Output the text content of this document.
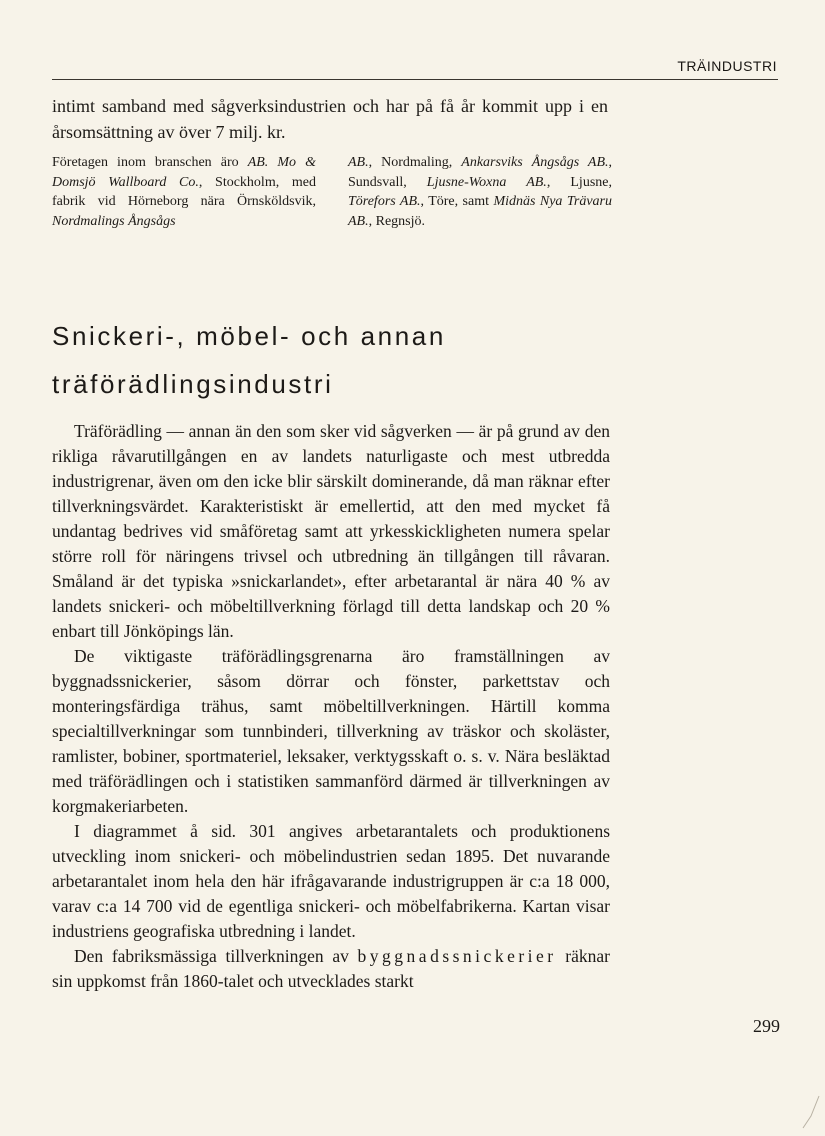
TRÄINDUSTRI

intimt samband med sågverksindustrien och har på få år kommit upp i en årsomsättning av över 7 milj. kr.

Företagen inom branschen äro AB. Mo & Domsjö Wallboard Co., Stockholm, med fabrik vid Hörneborg nära Örnsköldsvik, Nordmalings Ångsågs

AB., Nordmaling, Ankarsviks Ångsågs AB., Sundsvall, Ljusne-Woxna AB., Ljusne, Törefors AB., Töre, samt Midnäs Nya Trävaru AB., Regnsjö.

Snickeri-, möbel- och annan träförädlingsindustri

Träförädling — annan än den som sker vid sågverken — är på grund av den rikliga råvarutillgången en av landets naturligaste och mest utbredda industrigrenar, även om den icke blir särskilt dominerande, då man räknar efter tillverkningsvärdet. Karakteristiskt är emellertid, att den med mycket få undantag bedrives vid småföretag samt att yrkesskickligheten numera spelar större roll för näringens trivsel och utbredning än tillgången till råvaran. Småland är det typiska »snickarlandet», efter arbetarantal är nära 40 % av landets snickeri- och möbeltillverkning förlagd till detta landskap och 20 % enbart till Jönköpings län.

De viktigaste träförädlingsgrenarna äro framställningen av byggnadssnickerier, såsom dörrar och fönster, parkettstav och monteringsfärdiga trähus, samt möbeltillverkningen. Härtill komma specialtillverkningar som tunnbinderi, tillverkning av träskor och skoläster, ramlister, bobiner, sportmateriel, leksaker, verktygsskaft o. s. v. Nära besläktad med träförädlingen och i statistiken sammanförd därmed är tillverkningen av korgmakeriarbeten.

I diagrammet å sid. 301 angives arbetarantalets och produktionens utveckling inom snickeri- och möbelindustrien sedan 1895. Det nuvarande arbetarantalet inom hela den här ifrågavarande industrigruppen är c:a 18 000, varav c:a 14 700 vid de egentliga snickeri- och möbelfabrikerna. Kartan visar industriens geografiska utbredning i landet.

Den fabriksmässiga tillverkningen av byggnadssnickerier räknar sin uppkomst från 1860-talet och utvecklades starkt

299
